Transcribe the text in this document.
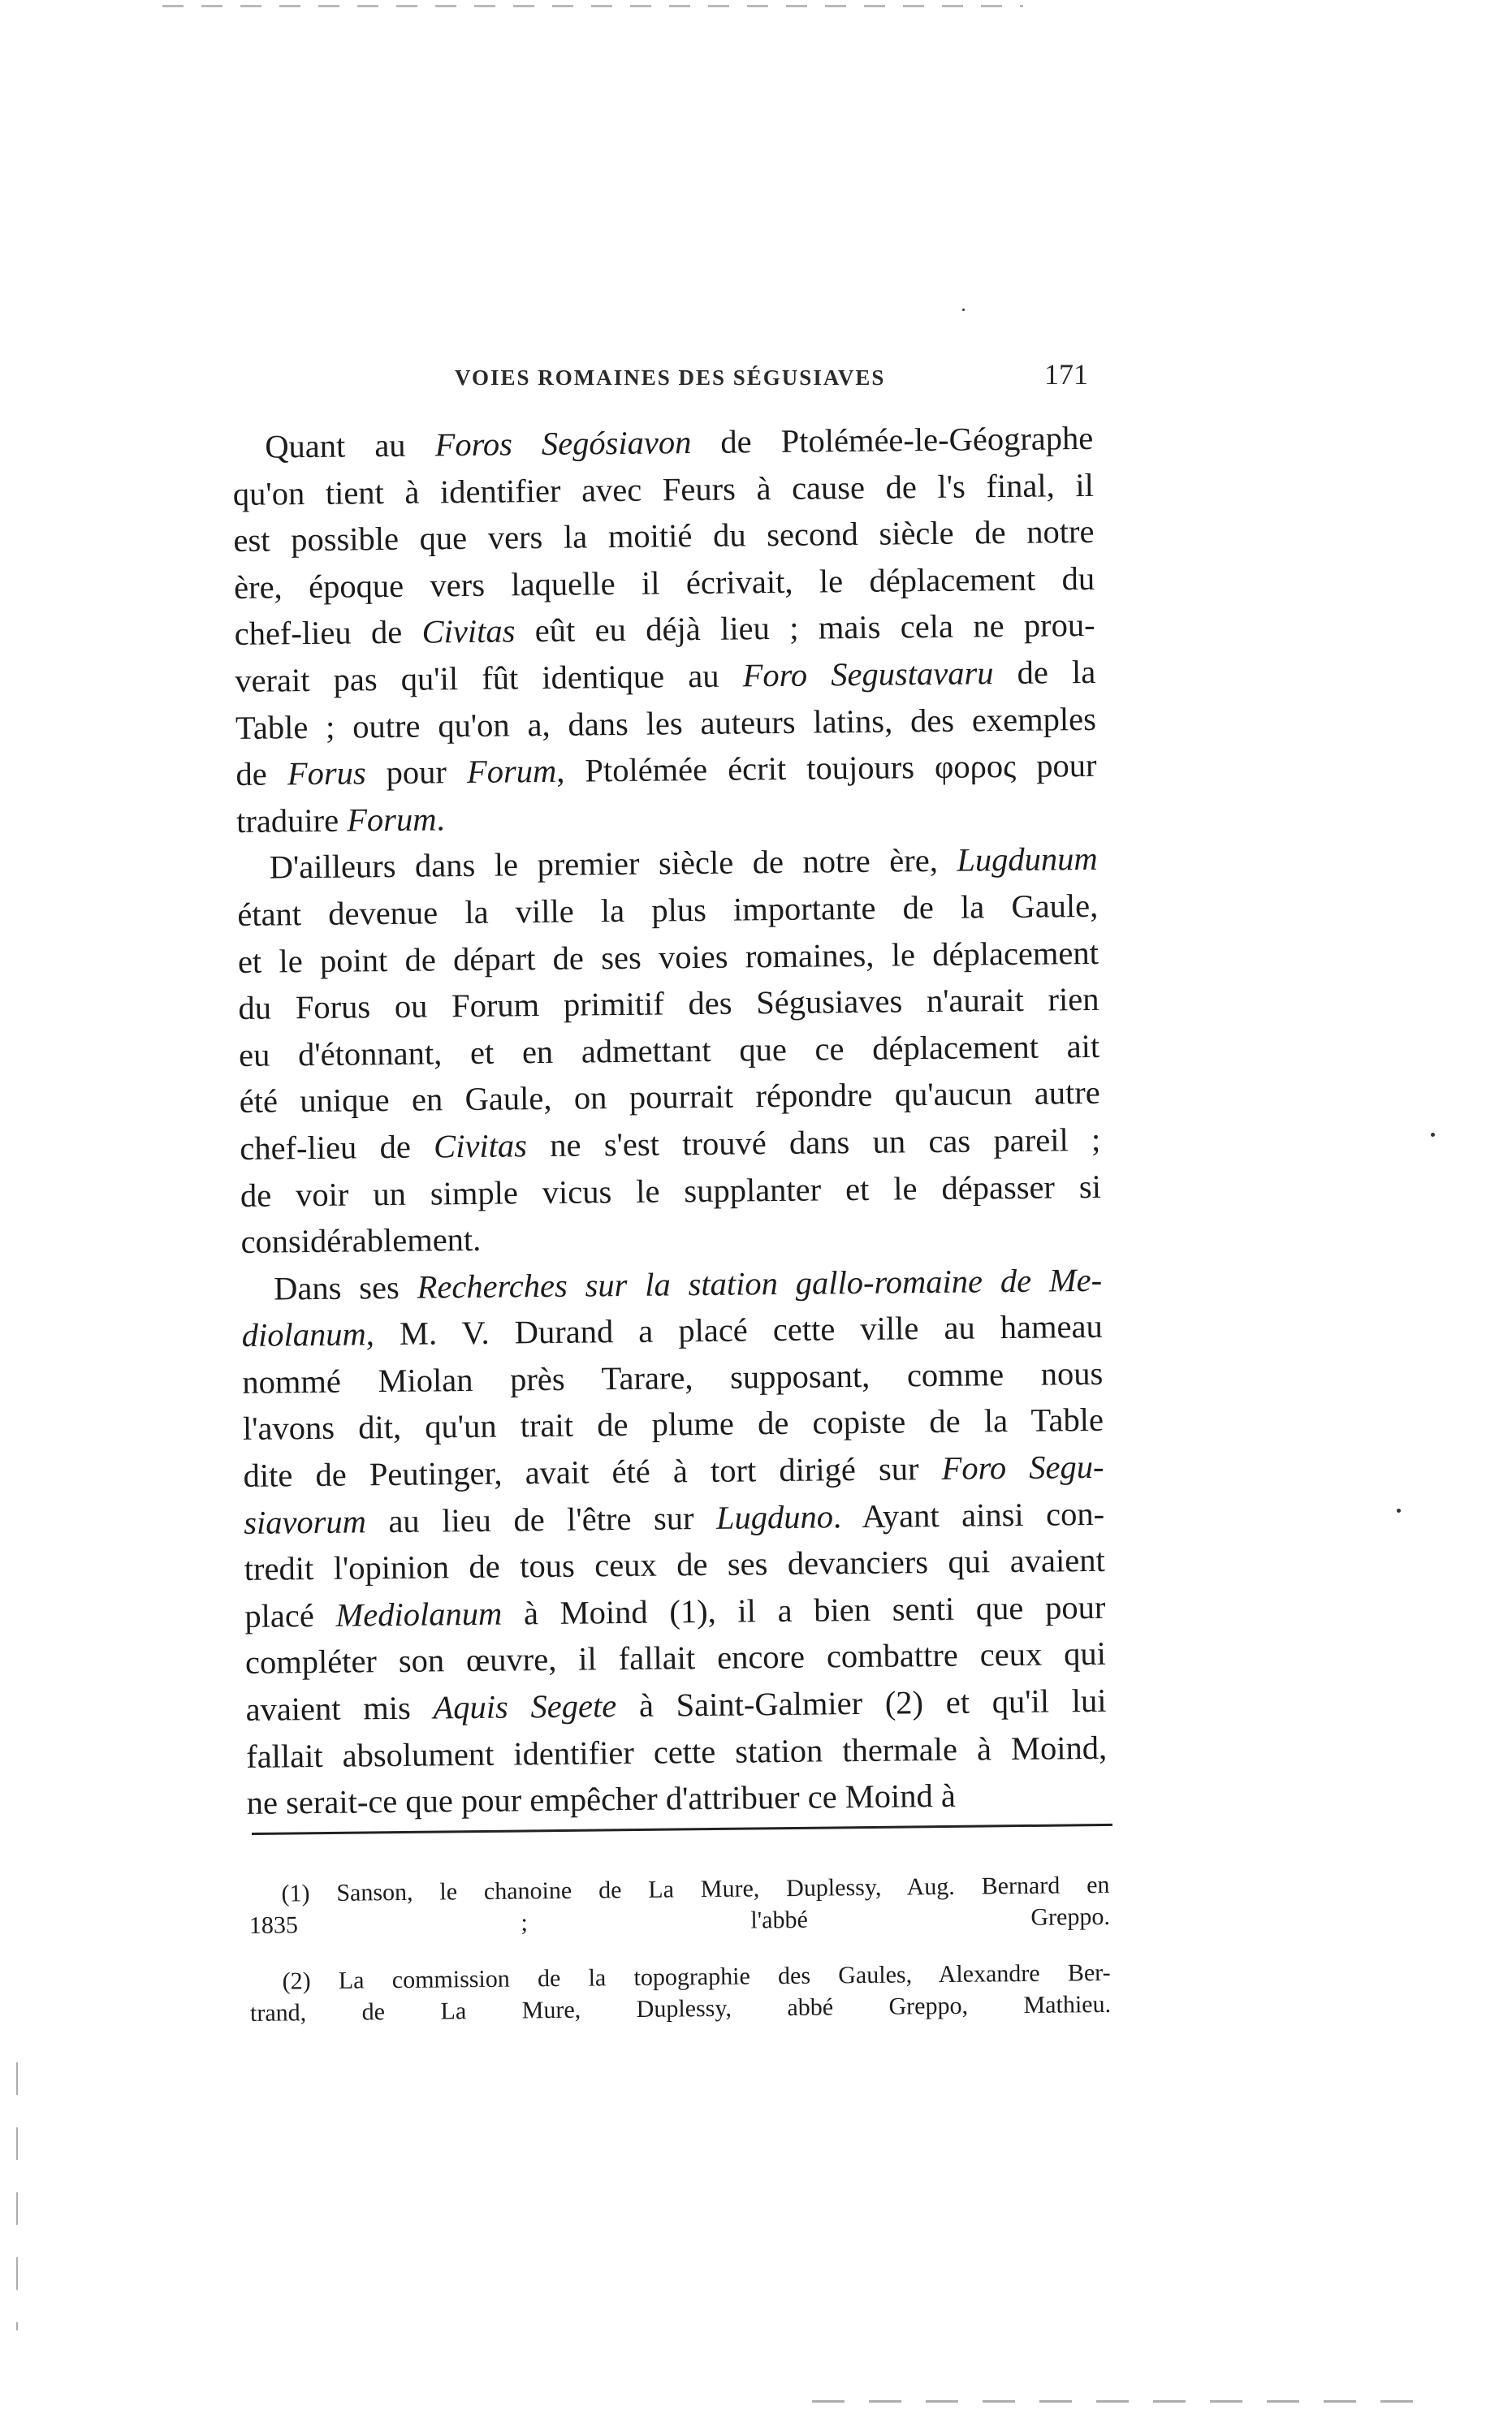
VOIES ROMAINES DES SÉGUSIAVES	171

Quant au Foros Segósiavon de Ptolémée-le-Géographe
qu'on tient à identifier avec Feurs à cause de l's final, il
est possible que vers la moitié du second siècle de notre
ère, époque vers laquelle il écrivait, le déplacement du
chef-lieu de Civitas eût eu déjà lieu ; mais cela ne prou-
verait pas qu'il fût identique au Foro Segustavaru de la
Table ; outre qu'on a, dans les auteurs latins, des exemples
de Forus pour Forum, Ptolémée écrit toujours φορος pour
traduire Forum.

D'ailleurs dans le premier siècle de notre ère, Lugdunum
étant devenue la ville la plus importante de la Gaule,
et le point de départ de ses voies romaines, le déplacement
du Forus ou Forum primitif des Ségusiaves n'aurait rien
eu d'étonnant, et en admettant que ce déplacement ait
été unique en Gaule, on pourrait répondre qu'aucun autre
chef-lieu de Civitas ne s'est trouvé dans un cas pareil ;
de voir un simple vicus le supplanter et le dépasser si
considérablement.

Dans ses Recherches sur la station gallo-romaine de Me-
diolanum, M. V. Durand a placé cette ville au hameau
nommé Miolan près Tarare, supposant, comme nous
l'avons dit, qu'un trait de plume de copiste de la Table
dite de Peutinger, avait été à tort dirigé sur Foro Segu-
siavorum au lieu de l'être sur Lugduno. Ayant ainsi con-
tredit l'opinion de tous ceux de ses devanciers qui avaient
placé Mediolanum à Moind (1), il a bien senti que pour
compléter son œuvre, il fallait encore combattre ceux qui
avaient mis Aquis Segete à Saint-Galmier (2) et qu'il lui
fallait absolument identifier cette station thermale à Moind,
ne serait-ce que pour empêcher d'attribuer ce Moind à

(1) Sanson, le chanoine de La Mure, Duplessy, Aug. Bernard en
1835 ; l'abbé Greppo.

(2) La commission de la topographie des Gaules, Alexandre Ber-
trand, de La Mure, Duplessy, abbé Greppo, Mathieu.
